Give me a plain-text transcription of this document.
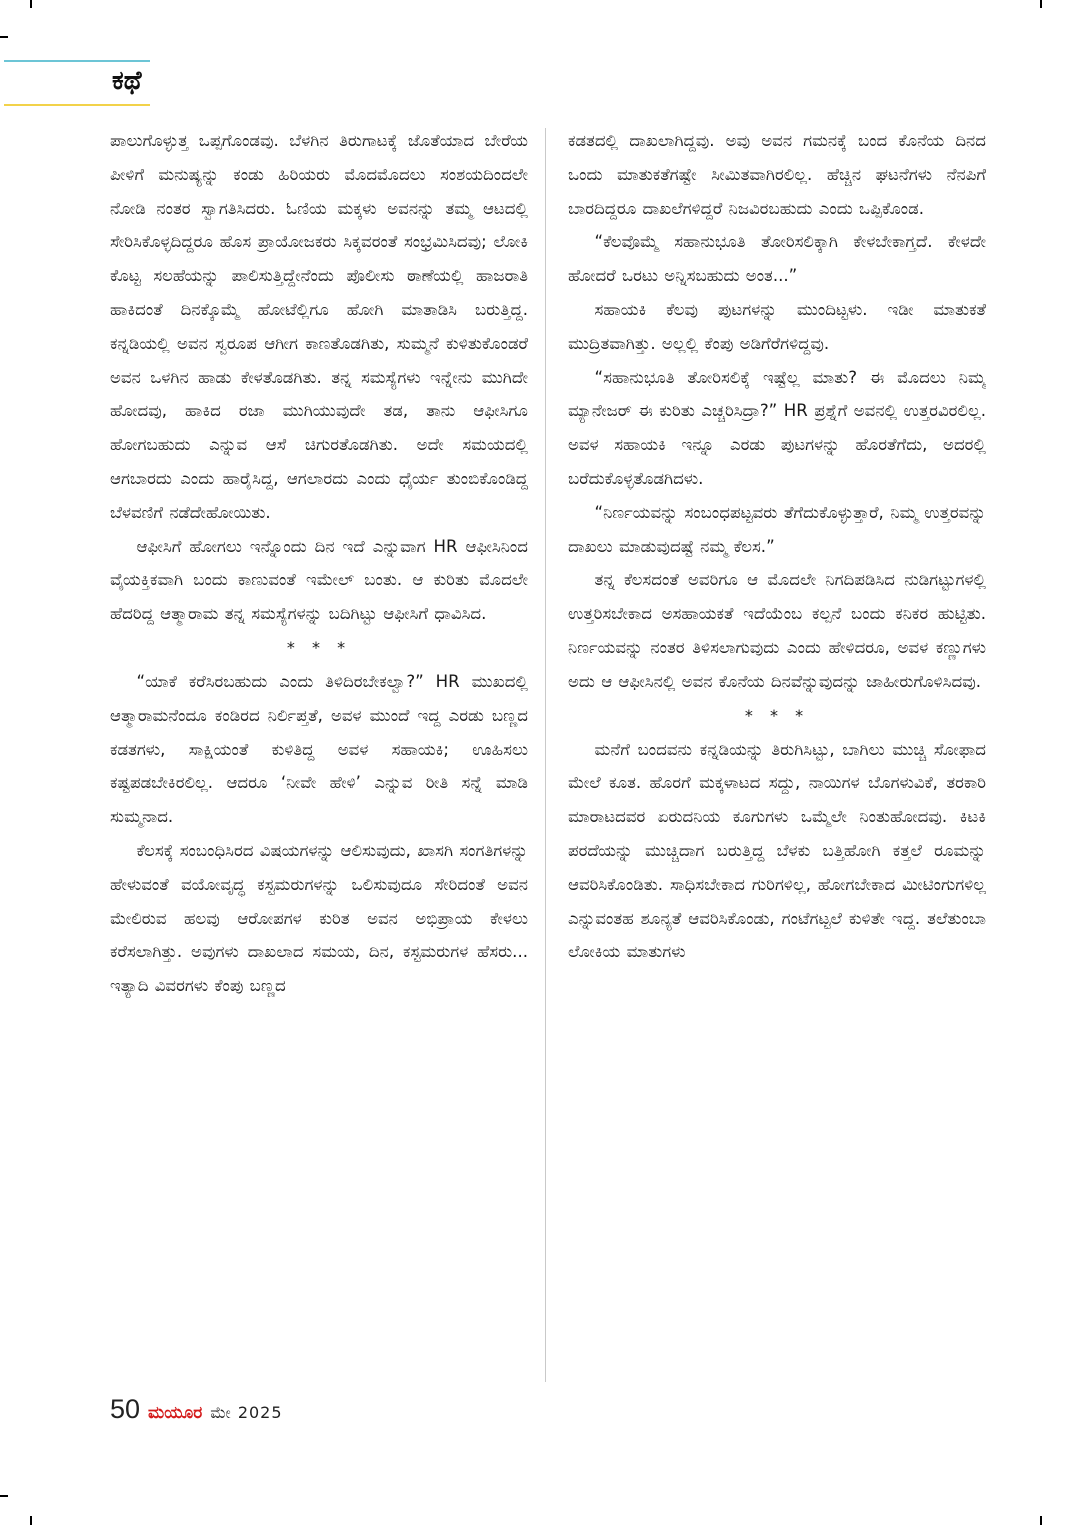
ಕಥೆ

ಪಾಲುಗೊಳ್ಳುತ್ತ ಒಪ್ಪಗೊಂಡವು. ಬೆಳಗಿನ ತಿರುಗಾಟಕ್ಕೆ ಜೊತೆಯಾದ ಬೇರೆಯ ಪೀಳಿಗೆ ಮನುಷ್ಯನ್ನು ಕಂಡು ಹಿರಿಯರು ಮೊದಮೊದಲು ಸಂಶಯದಿಂದಲೇ ನೋಡಿ ನಂತರ ಸ್ವಾಗತಿಸಿದರು. ಓಣಿಯ ಮಕ್ಕಳು ಅವನನ್ನು ತಮ್ಮ ಆಟದಲ್ಲಿ ಸೇರಿಸಿಕೊಳ್ಳದಿದ್ದರೂ ಹೊಸ ಪ್ರಾಯೋಜಕರು ಸಿಕ್ಕವರಂತೆ ಸಂಭ್ರಮಿಸಿದವು; ಲೋಕಿ ಕೊಟ್ಟ ಸಲಹೆಯನ್ನು ಪಾಲಿಸುತ್ತಿದ್ದೇನೆಂದು ಪೊಲೀಸು ಠಾಣೆಯಲ್ಲಿ ಹಾಜರಾತಿ ಹಾಕಿದಂತೆ ದಿನಕ್ಕೊಮ್ಮೆ ಹೋಟೆಲ್ಲಿಗೂ ಹೋಗಿ ಮಾತಾಡಿಸಿ ಬರುತ್ತಿದ್ದ. ಕನ್ನಡಿಯಲ್ಲಿ ಅವನ ಸ್ವರೂಪ ಆಗೀಗ ಕಾಣತೊಡಗಿತು, ಸುಮ್ಮನೆ ಕುಳಿತುಕೊಂಡರೆ ಅವನ ಒಳಗಿನ ಹಾಡು ಕೇಳತೊಡಗಿತು. ತನ್ನ ಸಮಸ್ಯೆಗಳು ಇನ್ನೇನು ಮುಗಿದೇ ಹೋದವು, ಹಾಕಿದ ರಜಾ ಮುಗಿಯುವುದೇ ತಡ, ತಾನು ಆಫೀಸಿಗೂ ಹೋಗಬಹುದು ಎನ್ನುವ ಆಸೆ ಚಿಗುರತೊಡಗಿತು. ಅದೇ ಸಮಯದಲ್ಲಿ ಆಗಬಾರದು ಎಂದು ಹಾರೈಸಿದ್ದ, ಆಗಲಾರದು ಎಂದು ಧೈರ್ಯ ತುಂಬಿಕೊಂಡಿದ್ದ ಬೆಳವಣಿಗೆ ನಡೆದೇಹೋಯಿತು.

ಆಫೀಸಿಗೆ ಹೋಗಲು ಇನ್ನೊಂದು ದಿನ ಇದೆ ಎನ್ನುವಾಗ HR ಆಫೀಸಿನಿಂದ ವೈಯಕ್ತಿಕವಾಗಿ ಬಂದು ಕಾಣುವಂತೆ ಇಮೇಲ್ ಬಂತು. ಆ ಕುರಿತು ಮೊದಲೇ ಹೆದರಿದ್ದ ಆತ್ಮಾರಾಮ ತನ್ನ ಸಮಸ್ಯೆಗಳನ್ನು ಬದಿಗಿಟ್ಟು ಆಫೀಸಿಗೆ ಧಾವಿಸಿದ.

* * *

“ಯಾಕೆ ಕರೆಸಿರಬಹುದು ಎಂದು ತಿಳಿದಿರಬೇಕಲ್ವಾ?” HR ಮುಖದಲ್ಲಿ ಆತ್ಮಾರಾಮನೆಂದೂ ಕಂಡಿರದ ನಿರ್ಲಿಪ್ತತೆ, ಅವಳ ಮುಂದೆ ಇದ್ದ ಎರಡು ಬಣ್ಣದ ಕಡತಗಳು, ಸಾಕ್ಷಿಯಂತೆ ಕುಳಿತಿದ್ದ ಅವಳ ಸಹಾಯಕಿ; ಊಹಿಸಲು ಕಷ್ಟಪಡಬೇಕಿರಲಿಲ್ಲ. ಆದರೂ ‘ನೀವೇ ಹೇಳಿ’ ಎನ್ನುವ ರೀತಿ ಸನ್ನೆ ಮಾಡಿ ಸುಮ್ಮನಾದ.

ಕೆಲಸಕ್ಕೆ ಸಂಬಂಧಿಸಿರದ ವಿಷಯಗಳನ್ನು ಆಲಿಸುವುದು, ಖಾಸಗಿ ಸಂಗತಿಗಳನ್ನು ಹೇಳುವಂತೆ ವಯೋವೃದ್ಧ ಕಸ್ಟಮರುಗಳನ್ನು ಒಲಿಸುವುದೂ ಸೇರಿದಂತೆ ಅವನ ಮೇಲಿರುವ ಹಲವು ಆರೋಪಗಳ ಕುರಿತ ಅವನ ಅಭಿಪ್ರಾಯ ಕೇಳಲು ಕರೆಸಲಾಗಿತ್ತು. ಅವುಗಳು ದಾಖಲಾದ ಸಮಯ, ದಿನ, ಕಸ್ಟಮರುಗಳ ಹೆಸರು... ಇತ್ಯಾದಿ ವಿವರಗಳು ಕೆಂಪು ಬಣ್ಣದ

ಕಡತದಲ್ಲಿ ದಾಖಲಾಗಿದ್ದವು. ಅವು ಅವನ ಗಮನಕ್ಕೆ ಬಂದ ಕೊನೆಯ ದಿನದ ಒಂದು ಮಾತುಕತೆಗಷ್ಟೇ ಸೀಮಿತವಾಗಿರಲಿಲ್ಲ. ಹೆಚ್ಚಿನ ಘಟನೆಗಳು ನೆನಪಿಗೆ ಬಾರದಿದ್ದರೂ ದಾಖಲೆಗಳಿದ್ದರೆ ನಿಜವಿರಬಹುದು ಎಂದು ಒಪ್ಪಿಕೊಂಡ.

“ಕೆಲವೊಮ್ಮೆ ಸಹಾನುಭೂತಿ ತೋರಿಸಲಿಕ್ಕಾಗಿ ಕೇಳಬೇಕಾಗ್ತದೆ. ಕೇಳದೇ ಹೋದರೆ ಒರಟು ಅನ್ನಿಸಬಹುದು ಅಂತ...”

ಸಹಾಯಕಿ ಕೆಲವು ಪುಟಗಳನ್ನು ಮುಂದಿಟ್ಟಳು. ಇಡೀ ಮಾತುಕತೆ ಮುದ್ರಿತವಾಗಿತ್ತು. ಅಲ್ಲಲ್ಲಿ ಕೆಂಪು ಅಡಿಗೆರೆಗಳಿದ್ದವು.

“ಸಹಾನುಭೂತಿ ತೋರಿಸಲಿಕ್ಕೆ ಇಷ್ಟೆಲ್ಲ ಮಾತು? ಈ ಮೊದಲು ನಿಮ್ಮ ಮ್ಯಾನೇಜರ್ ಈ ಕುರಿತು ಎಚ್ಚರಿಸಿದ್ರಾ?” HR ಪ್ರಶ್ನೆಗೆ ಅವನಲ್ಲಿ ಉತ್ತರವಿರಲಿಲ್ಲ. ಅವಳ ಸಹಾಯಕಿ ಇನ್ನೂ ಎರಡು ಪುಟಗಳನ್ನು ಹೊರತೆಗೆದು, ಅದರಲ್ಲಿ ಬರೆದುಕೊಳ್ಳತೊಡಗಿದಳು.

“ನಿರ್ಣಯವನ್ನು ಸಂಬಂಧಪಟ್ಟವರು ತೆಗೆದುಕೊಳ್ಳುತ್ತಾರೆ, ನಿಮ್ಮ ಉತ್ತರವನ್ನು ದಾಖಲು ಮಾಡುವುದಷ್ಟೆ ನಮ್ಮ ಕೆಲಸ.”

ತನ್ನ ಕೆಲಸದಂತೆ ಅವರಿಗೂ ಆ ಮೊದಲೇ ನಿಗದಿಪಡಿಸಿದ ನುಡಿಗಟ್ಟುಗಳಲ್ಲಿ ಉತ್ತರಿಸಬೇಕಾದ ಅಸಹಾಯಕತೆ ಇದೆಯೆಂಬ ಕಲ್ಪನೆ ಬಂದು ಕನಿಕರ ಹುಟ್ಟಿತು. ನಿರ್ಣಯವನ್ನು ನಂತರ ತಿಳಿಸಲಾಗುವುದು ಎಂದು ಹೇಳಿದರೂ, ಅವಳ ಕಣ್ಣುಗಳು ಅದು ಆ ಆಫೀಸಿನಲ್ಲಿ ಅವನ ಕೊನೆಯ ದಿನವೆನ್ನುವುದನ್ನು ಜಾಹೀರುಗೊಳಿಸಿದವು.

* * *

ಮನೆಗೆ ಬಂದವನು ಕನ್ನಡಿಯನ್ನು ತಿರುಗಿಸಿಟ್ಟು, ಬಾಗಿಲು ಮುಚ್ಚಿ ಸೋಫಾದ ಮೇಲೆ ಕೂತ. ಹೊರಗೆ ಮಕ್ಕಳಾಟದ ಸದ್ದು, ನಾಯಿಗಳ ಬೊಗಳುವಿಕೆ, ತರಕಾರಿ ಮಾರಾಟದವರ ಏರುದನಿಯ ಕೂಗುಗಳು ಒಮ್ಮೆಲೇ ನಿಂತುಹೋದವು. ಕಿಟಕಿ ಪರದೆಯನ್ನು ಮುಚ್ಚಿದಾಗ ಬರುತ್ತಿದ್ದ ಬೆಳಕು ಬತ್ತಿಹೋಗಿ ಕತ್ತಲೆ ರೂಮನ್ನು ಆವರಿಸಿಕೊಂಡಿತು. ಸಾಧಿಸಬೇಕಾದ ಗುರಿಗಳಿಲ್ಲ, ಹೋಗಬೇಕಾದ ಮೀಟಿಂಗುಗಳಿಲ್ಲ ಎನ್ನುವಂತಹ ಶೂನ್ಯತೆ ಆವರಿಸಿಕೊಂಡು, ಗಂಟೆಗಟ್ಟಲೆ ಕುಳಿತೇ ಇದ್ದ. ತಲೆತುಂಬಾ ಲೋಕಿಯ ಮಾತುಗಳು

50 ಮಯೂರ ಮೇ 2025
